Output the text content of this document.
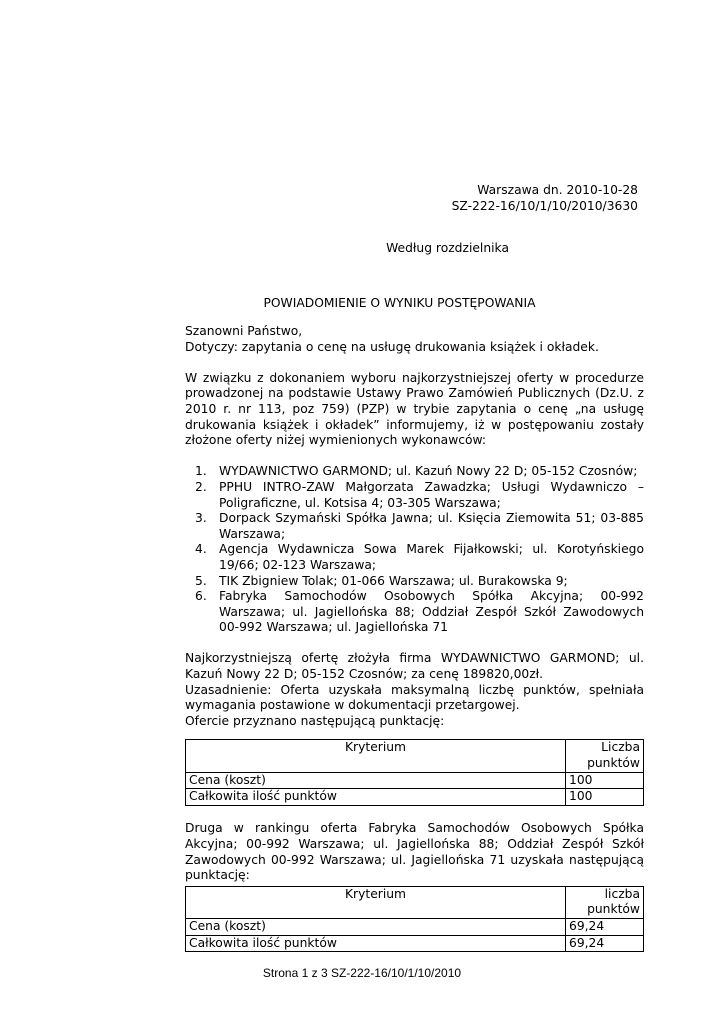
Warszawa dn. 2010-10-28
SZ-222-16/10/1/10/2010/3630
Według rozdzielnika
POWIADOMIENIE O WYNIKU POSTĘPOWANIA

Szanowni Państwo,

Dotyczy: zapytania o cenę na usługę drukowania książek i okładek.

W związku z dokonaniem wyboru najkorzystniejszej oferty w procedurze prowadzonej na podstawie Ustawy Prawo Zamówień Publicznych (Dz.U. z 2010 r. nr 113, poz 759) (PZP) w trybie zapytania o cenę „na usługę drukowania książek i okładek” informujemy, iż w postępowaniu zostały złożone oferty niżej wymienionych wykonawców:

1. WYDAWNICTWO GARMOND; ul. Kazuń Nowy 22 D; 05-152 Czosnów;
2. PPHU INTRO-ZAW Małgorzata Zawadzka; Usługi Wydawniczo – Poligraficzne, ul. Kotsisa 4; 03-305 Warszawa;
3. Dorpack Szymański Spółka Jawna; ul. Księcia Ziemowita 51; 03-885 Warszawa;
4. Agencja Wydawnicza Sowa Marek Fijałkowski; ul. Korotyńskiego 19/66; 02-123 Warszawa;
5. TIK Zbigniew Tolak; 01-066 Warszawa; ul. Burakowska 9;
6. Fabryka Samochodów Osobowych Spółka Akcyjna; 00-992 Warszawa; ul. Jagiellońska 88; Oddział Zespół Szkół Zawodowych 00-992 Warszawa; ul. Jagiellońska 71

Najkorzystniejszą ofertę złożyła firma WYDAWNICTWO GARMOND; ul. Kazuń Nowy 22 D; 05-152 Czosnów; za cenę 189820,00zł.

Uzasadnienie: Oferta uzyskała maksymalną liczbę punktów, spełniała wymagania postawione w dokumentacji przetargowej.

Ofercie przyznano następującą punktację:

Kryterium	Liczba punktów
Cena (koszt)	100
Całkowita ilość punktów	100

Druga w rankingu oferta Fabryka Samochodów Osobowych Spółka Akcyjna; 00-992 Warszawa; ul. Jagiellońska 88; Oddział Zespół Szkół Zawodowych 00-992 Warszawa; ul. Jagiellońska 71 uzyskała następującą punktację:

Kryterium	liczba punktów
Cena (koszt)	69,24
Całkowita ilość punktów	69,24
Strona 1 z 3 SZ-222-16/10/1/10/2010
